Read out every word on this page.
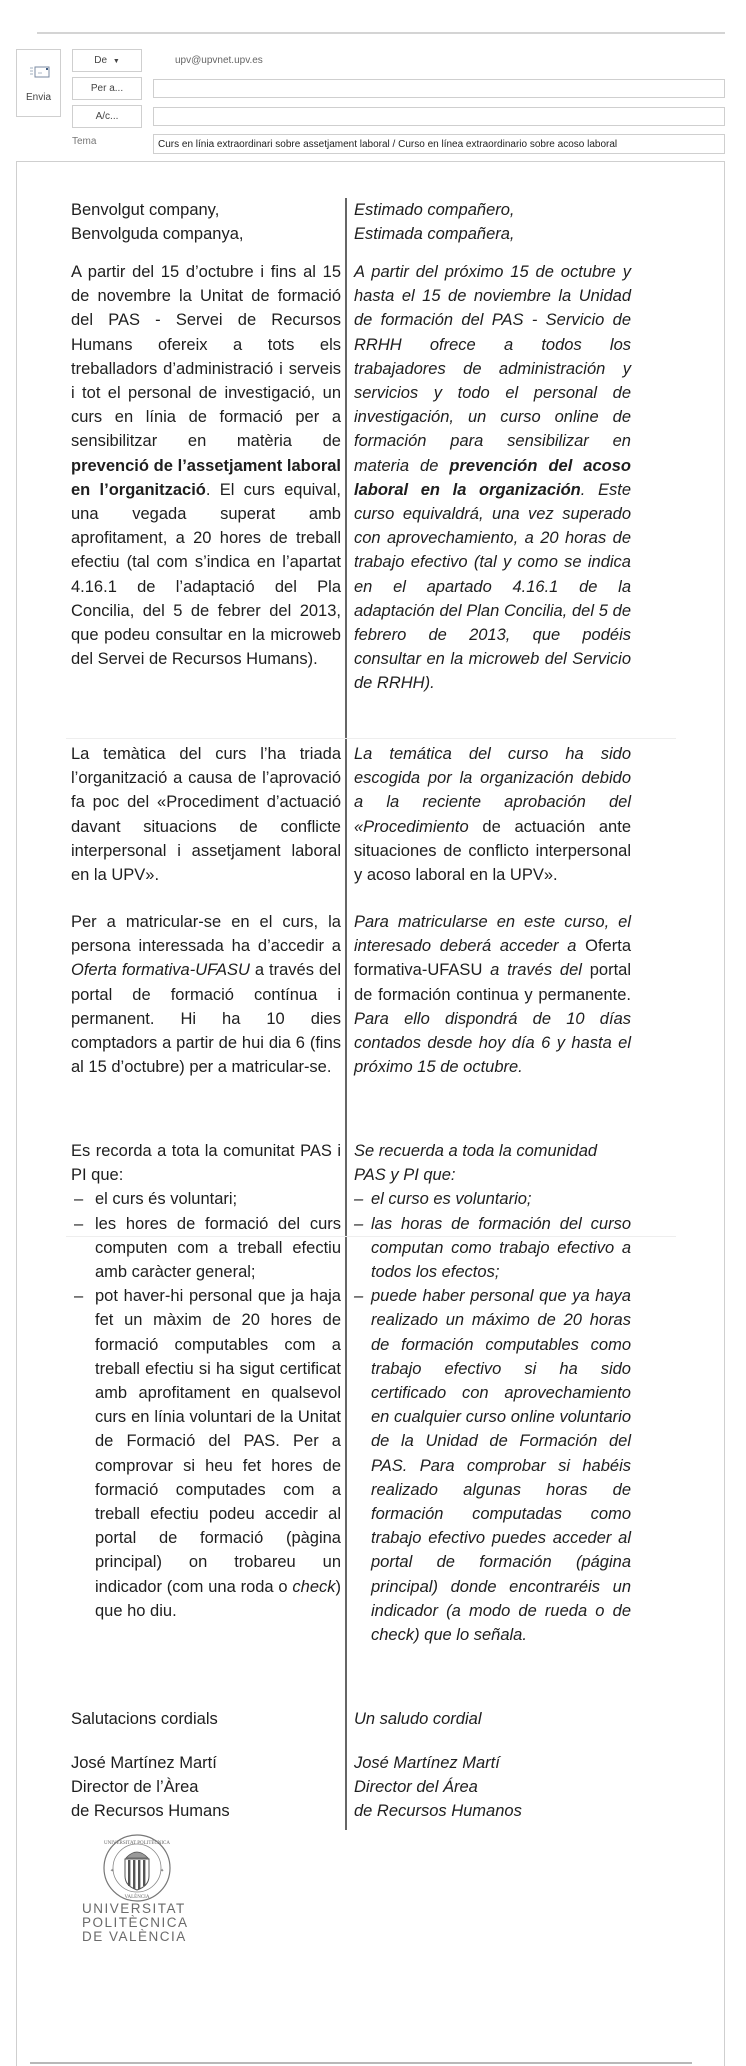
Envia
De ▼	upv@upvnet.upv.es
Per a...
A/c...
Tema
Curs en línia extraordinari sobre assetjament laboral / Curso en línea extraordinario sobre acoso laboral
Benvolgut company,
Benvolguda companya,
A partir del 15 d’octubre i fins al 15 de novembre la Unitat de formació del PAS - Servei de Recursos Humans ofereix a tots els treballadors d’administració i serveis i tot el personal de investigació, un curs en línia de formació per a sensibilitzar en matèria de prevenció de l’assetjament laboral en l’organització. El curs equival, una vegada superat amb aprofitament, a 20 hores de treball efectiu (tal com s’indica en l’apartat 4.16.1 de l’adaptació del Pla Concilia, del 5 de febrer del 2013, que podeu consultar en la microweb del Servei de Recursos Humans).
La temàtica del curs l’ha triada l’organització a causa de l’aprovació fa poc del «Procediment d’actuació davant situacions de conflicte interpersonal i assetjament laboral en la UPV».
Per a matricular-se en el curs, la persona interessada ha d’accedir a Oferta formativa-UFASU a través del portal de formació contínua i permanent. Hi ha 10 dies comptadors a partir de hui dia 6 (fins al 15 d’octubre) per a matricular-se.
Es recorda a tota la comunitat PAS i PI que:
– el curs és voluntari;
– les hores de formació del curs computen com a treball efectiu amb caràcter general;
– pot haver-hi personal que ja haja fet un màxim de 20 hores de formació computables com a treball efectiu si ha sigut certificat amb aprofitament en qualsevol curs en línia voluntari de la Unitat de Formació del PAS. Per a comprovar si heu fet hores de formació computades com a treball efectiu podeu accedir al portal de formació (pàgina principal) on trobareu un indicador (com una roda o check) que ho diu.
Salutacions cordials
José Martínez Martí
Director de l’Àrea
de Recursos Humans
Estimado compañero,
Estimada compañera,
A partir del próximo 15 de octubre y hasta el 15 de noviembre la Unidad de formación del PAS - Servicio de RRHH ofrece a todos los trabajadores de administración y servicios y todo el personal de investigación, un curso online de formación para sensibilizar en materia de prevención del acoso laboral en la organización. Este curso equivaldrá, una vez superado con aprovechamiento, a 20 horas de trabajo efectivo (tal y como se indica en el apartado 4.16.1 de la adaptación del Plan Concilia, del 5 de febrero de 2013, que podéis consultar en la microweb del Servicio de RRHH).
La temática del curso ha sido escogida por la organización debido a la reciente aprobación del «Procedimiento de actuación ante situaciones de conflicto interpersonal y acoso laboral en la UPV».
Para matricularse en este curso, el interesado deberá acceder a Oferta formativa-UFASU a través del portal de formación continua y permanente. Para ello dispondrá de 10 días contados desde hoy día 6 y hasta el próximo 15 de octubre.
Se recuerda a toda la comunidad PAS y PI que:
– el curso es voluntario;
– las horas de formación del curso computan como trabajo efectivo a todos los efectos;
– puede haber personal que ya haya realizado un máximo de 20 horas de formación computables como trabajo efectivo si ha sido certificado con aprovechamiento en cualquier curso online voluntario de la Unidad de Formación del PAS. Para comprobar si habéis realizado algunas horas de formación computadas como trabajo efectivo puedes acceder al portal de formación (página principal) donde encontraréis un indicador (a modo de rueda o de check) que lo señala.
Un saludo cordial
José Martínez Martí
Director del Área
de Recursos Humanos
UNIVERSITAT POLITÈCNICA
VALÈNCIA
✦	✦
UNIVERSITAT
POLITÈCNICA
DE VALÈNCIA
